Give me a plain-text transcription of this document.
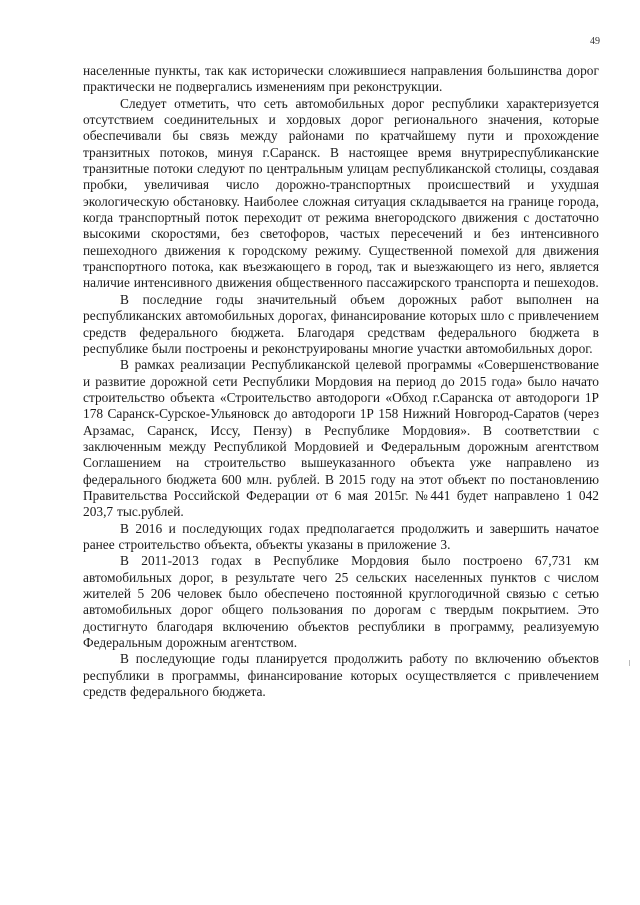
49

населенные пункты, так как исторически сложившиеся направления большинства дорог практически не подвергались изменениям при реконструкции.

Следует отметить, что сеть автомобильных дорог республики характеризуется отсутствием соединительных и хордовых дорог регионального значения, которые обеспечивали бы связь между районами по кратчайшему пути и прохождение транзитных потоков, минуя г.Саранск. В настоящее время внутриреспубликанские транзитные потоки следуют по центральным улицам республиканской столицы, создавая пробки, увеличивая число дорожно-транспортных происшествий и ухудшая экологическую обстановку. Наиболее сложная ситуация складывается на границе города, когда транспортный поток переходит от режима внегородского движения с достаточно высокими скоростями, без светофоров, частых пересечений и без интенсивного пешеходного движения к городскому режиму. Существенной помехой для движения транспортного потока, как въезжающего в город, так и выезжающего из него, является наличие интенсивного движения общественного пассажирского транспорта и пешеходов.

В последние годы значительный объем дорожных работ выполнен на республиканских автомобильных дорогах, финансирование которых шло с привлечением средств федерального бюджета. Благодаря средствам федерального бюджета в республике были построены и реконструированы многие участки автомобильных дорог.

В рамках реализации Республиканской целевой программы «Совершенствование и развитие дорожной сети Республики Мордовия на период до 2015 года» было начато строительство объекта «Строительство автодороги «Обход г.Саранска от автодороги 1Р 178 Саранск-Сурское-Ульяновск до автодороги 1Р 158 Нижний Новгород-Саратов (через Арзамас, Саранск, Иссу, Пензу) в Республике Мордовия». В соответствии с заключенным между Республикой Мордовией и Федеральным дорожным агентством Соглашением на строительство вышеуказанного объекта уже направлено из федерального бюджета 600 млн. рублей. В 2015 году на этот объект по постановлению Правительства Российской Федерации от 6 мая 2015г. №441 будет направлено 1 042 203,7 тыс.рублей.

В 2016 и последующих годах предполагается продолжить и завершить начатое ранее строительство объекта, объекты указаны в приложение 3.

В 2011-2013 годах в Республике Мордовия было построено 67,731 км автомобильных дорог, в результате чего 25 сельских населенных пунктов с числом жителей 5 206 человек было обеспечено постоянной круглогодичной связью с сетью автомобильных дорог общего пользования по дорогам с твердым покрытием. Это достигнуто благодаря включению объектов республики в программу, реализуемую Федеральным дорожным агентством.

В последующие годы планируется продолжить работу по включению объектов республики в программы, финансирование которых осуществляется с привлечением средств федерального бюджета.
